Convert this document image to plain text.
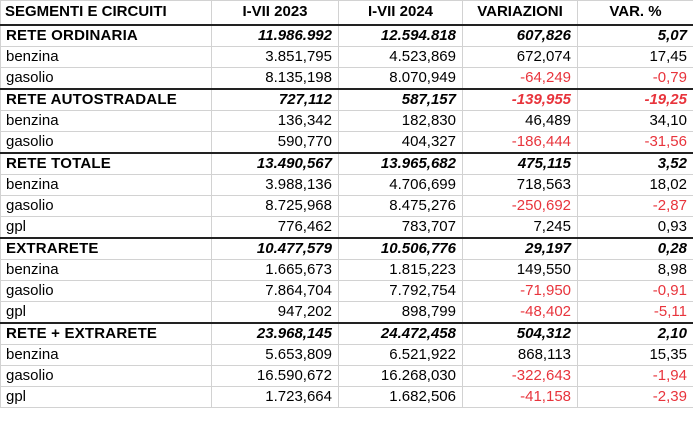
SEGMENTI E CIRCUITI	I-VII 2023	I-VII 2024	VARIAZIONI	VAR. %
RETE ORDINARIA	11.986.992	12.594.818	607,826	5,07
benzina	3.851,795	4.523,869	672,074	17,45
gasolio	8.135,198	8.070,949	-64,249	-0,79
RETE AUTOSTRADALE	727,112	587,157	-139,955	-19,25
benzina	136,342	182,830	46,489	34,10
gasolio	590,770	404,327	-186,444	-31,56
RETE TOTALE	13.490,567	13.965,682	475,115	3,52
benzina	3.988,136	4.706,699	718,563	18,02
gasolio	8.725,968	8.475,276	-250,692	-2,87
gpl	776,462	783,707	7,245	0,93
EXTRARETE	10.477,579	10.506,776	29,197	0,28
benzina	1.665,673	1.815,223	149,550	8,98
gasolio	7.864,704	7.792,754	-71,950	-0,91
gpl	947,202	898,799	-48,402	-5,11
RETE + EXTRARETE	23.968,145	24.472,458	504,312	2,10
benzina	5.653,809	6.521,922	868,113	15,35
gasolio	16.590,672	16.268,030	-322,643	-1,94
gpl	1.723,664	1.682,506	-41,158	-2,39
